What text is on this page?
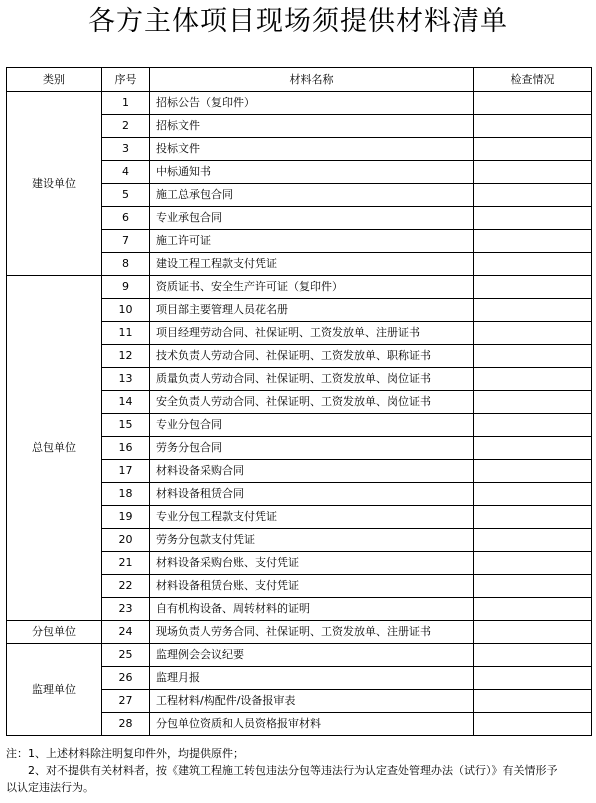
各方主体项目现场须提供材料清单
类别	序号	材料名称	检查情况
建设单位	1	招标公告（复印件）	
	2	招标文件	
	3	投标文件	
	4	中标通知书	
	5	施工总承包合同	
	6	专业承包合同	
	7	施工许可证	
	8	建设工程工程款支付凭证	
总包单位	9	资质证书、安全生产许可证（复印件）	
	10	项目部主要管理人员花名册	
	11	项目经理劳动合同、社保证明、工资发放单、注册证书	
	12	技术负责人劳动合同、社保证明、工资发放单、职称证书	
	13	质量负责人劳动合同、社保证明、工资发放单、岗位证书	
	14	安全负责人劳动合同、社保证明、工资发放单、岗位证书	
	15	专业分包合同	
	16	劳务分包合同	
	17	材料设备采购合同	
	18	材料设备租赁合同	
	19	专业分包工程款支付凭证	
	20	劳务分包款支付凭证	
	21	材料设备采购台账、支付凭证	
	22	材料设备租赁台账、支付凭证	
	23	自有机构设备、周转材料的证明	
分包单位	24	现场负责人劳务合同、社保证明、工资发放单、注册证书	
监理单位	25	监理例会会议纪要	
	26	监理月报	
	27	工程材料/构配件/设备报审表	
	28	分包单位资质和人员资格报审材料	
注：1、上述材料除注明复印件外，均提供原件；
2、对不提供有关材料者，按《建筑工程施工转包违法分包等违法行为认定查处管理办法（试行）》有关情形予
以认定违法行为。
